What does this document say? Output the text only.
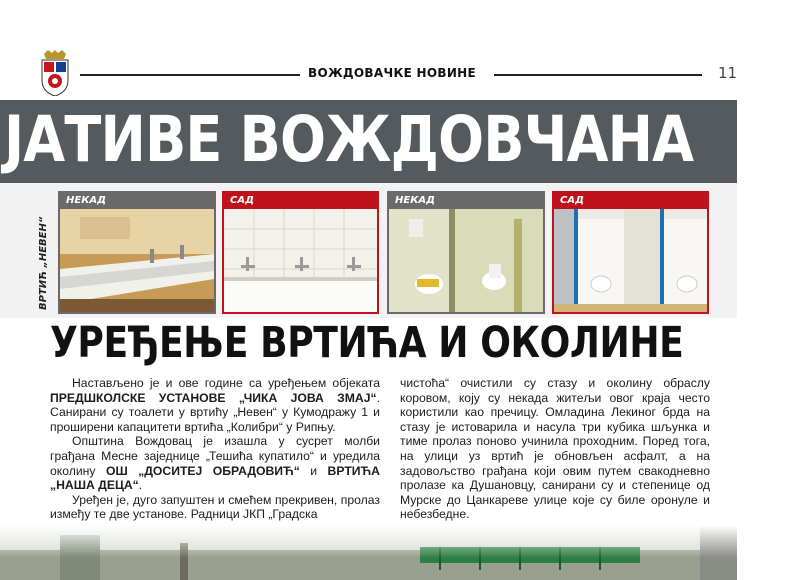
ВОЖДОВАЧКЕ НОВИНЕ	11
ЈАТИВЕ ВОЖДОВЧАНА
ВРТИЋ „НЕВЕН“
НЕКАД	САД	НЕКАД	САД
УРЕЂЕЊЕ ВРТИЋА И ОКОЛИНЕ

Настављено је и ове године са уређењем објеката ПРЕДШКОЛСКЕ УСТАНОВЕ „ЧИКА ЈОВА ЗМАЈ“. Санирани су тоалети у вртићу „Невен“ у Кумодражу 1 и проширени капацитети вртића „Колибри“ у Рипњу.

Општина Вождовац је изашла у сусрет молби грађана Месне заједнице „Тешића купатило“ и уредила околину ОШ „ДОСИТЕЈ ОБРАДОВИЋ“ и ВРТИЋА „НАША ДЕЦА“.

Уређен је, дуго запуштен и смећем прекривен, пролаз између те две установе. Радници ЈКП „Градска

чистоћа“ очистили су стазу и околину обраслу коровом, коју су некада житељи овог краја често користили као пречицу. Омладина Лекиног брда на стазу је истоварила и насула три кубика шљунка и тиме пролаз поново учинила проходним. Поред тога, на улици уз вртић је обновљен асфалт, а на задовољство грађана који овим путем свакодневно пролазе ка Душановцу, санирани су и степенице од Мурске до Цанкареве улице које су биле оронуле и небезбедне.
